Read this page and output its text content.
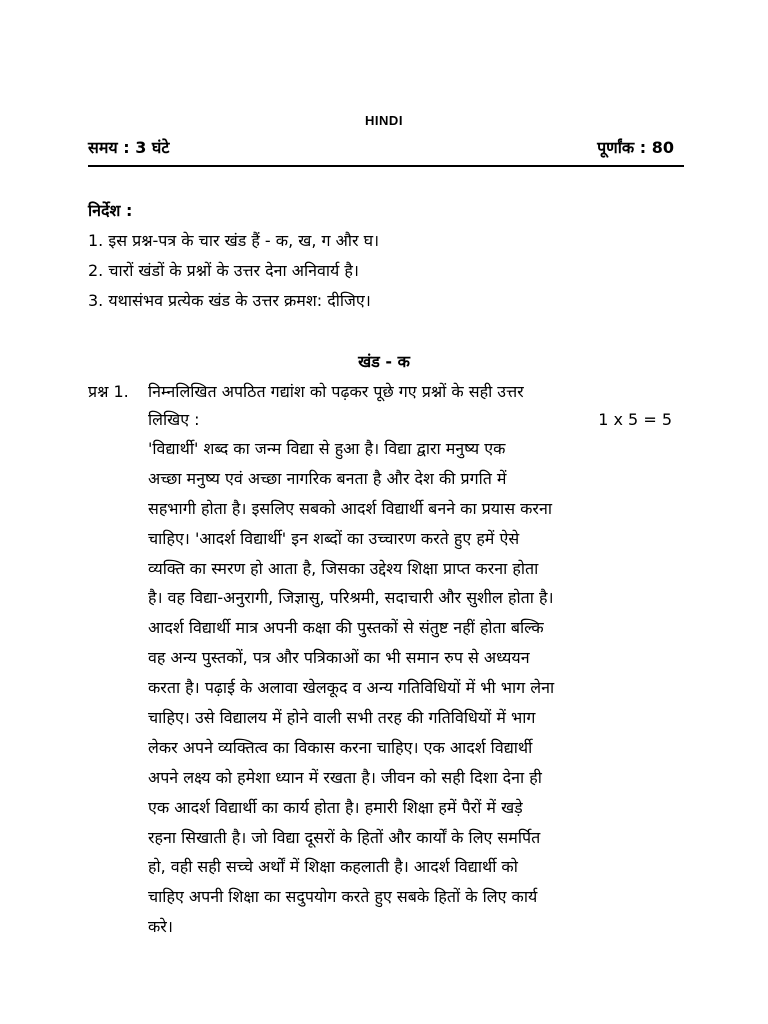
HINDI
समय : 3 घंटे	पूर्णांक : 80
निर्देश :
1. इस प्रश्न-पत्र के चार खंड हैं - क, ख, ग और घ।
2. चारों खंडों के प्रश्नों के उत्तर देना अनिवार्य है।
3. यथासंभव प्रत्येक खंड के उत्तर क्रमश: दीजिए।
खंड - क
प्रश्न 1. निम्नलिखित अपठित गद्यांश को पढ़कर पूछे गए प्रश्नों के सही उत्तर
लिखिए :	1 x 5 = 5
'विद्यार्थी' शब्द का जन्म विद्या से हुआ है। विद्या द्वारा मनुष्य एक
अच्छा मनुष्य एवं अच्छा नागरिक बनता है और देश की प्रगति में
सहभागी होता है। इसलिए सबको आदर्श विद्यार्थी बनने का प्रयास करना
चाहिए। 'आदर्श विद्यार्थी' इन शब्दों का उच्चारण करते हुए हमें ऐसे
व्यक्ति का स्मरण हो आता है, जिसका उद्देश्य शिक्षा प्राप्त करना होता
है। वह विद्या-अनुरागी, जिज्ञासु, परिश्रमी, सदाचारी और सुशील होता है।
आदर्श विद्यार्थी मात्र अपनी कक्षा की पुस्तकों से संतुष्ट नहीं होता बल्कि
वह अन्य पुस्तकों, पत्र और पत्रिकाओं का भी समान रुप से अध्ययन
करता है। पढ़ाई के अलावा खेलकूद व अन्य गतिविधियों में भी भाग लेना
चाहिए। उसे विद्यालय में होने वाली सभी तरह की गतिविधियों में भाग
लेकर अपने व्यक्तित्व का विकास करना चाहिए। एक आदर्श विद्यार्थी
अपने लक्ष्य को हमेशा ध्यान में रखता है। जीवन को सही दिशा देना ही
एक आदर्श विद्यार्थी का कार्य होता है। हमारी शिक्षा हमें पैरों में खड़े
रहना सिखाती है। जो विद्या दूसरों के हितों और कार्यों के लिए समर्पित
हो, वही सही सच्चे अर्थों में शिक्षा कहलाती है। आदर्श विद्यार्थी को
चाहिए अपनी शिक्षा का सदुपयोग करते हुए सबके हितों के लिए कार्य
करे।
